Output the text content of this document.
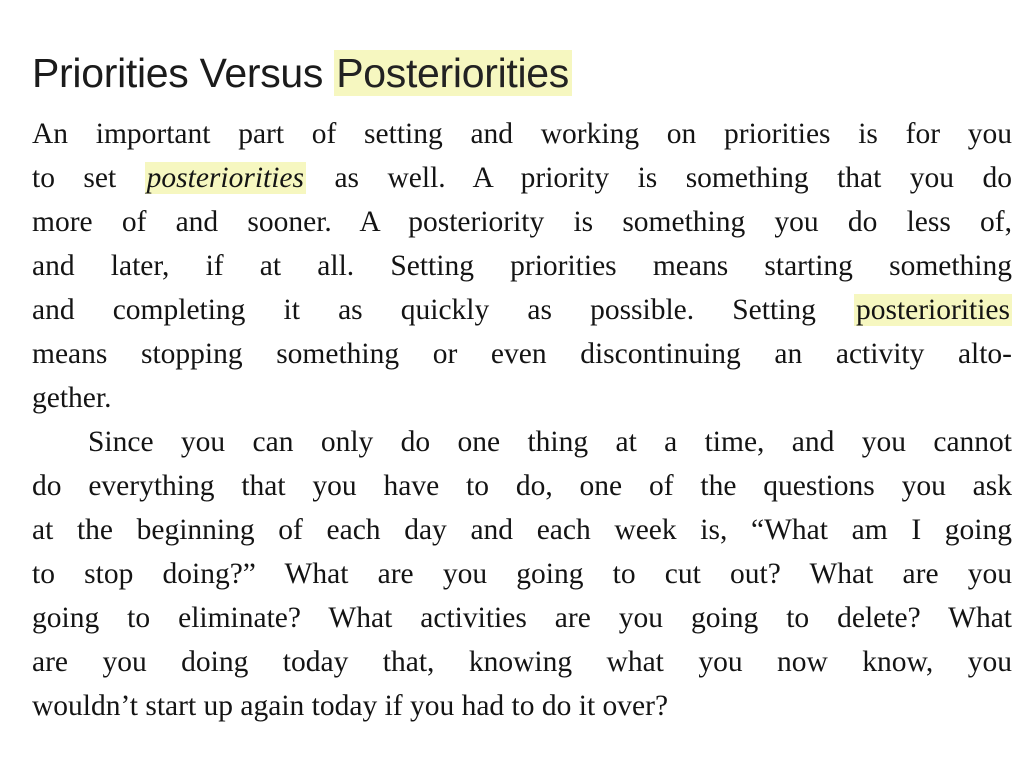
Priorities Versus Posteriorities
An important part of setting and working on priorities is for you
to set posteriorities as well. A priority is something that you do
more of and sooner. A posteriority is something you do less of,
and later, if at all. Setting priorities means starting something
and completing it as quickly as possible. Setting posteriorities
means stopping something or even discontinuing an activity alto-
gether.
Since you can only do one thing at a time, and you cannot
do everything that you have to do, one of the questions you ask
at the beginning of each day and each week is, “What am I going
to stop doing?” What are you going to cut out? What are you
going to eliminate? What activities are you going to delete? What
are you doing today that, knowing what you now know, you
wouldn’t start up again today if you had to do it over?
